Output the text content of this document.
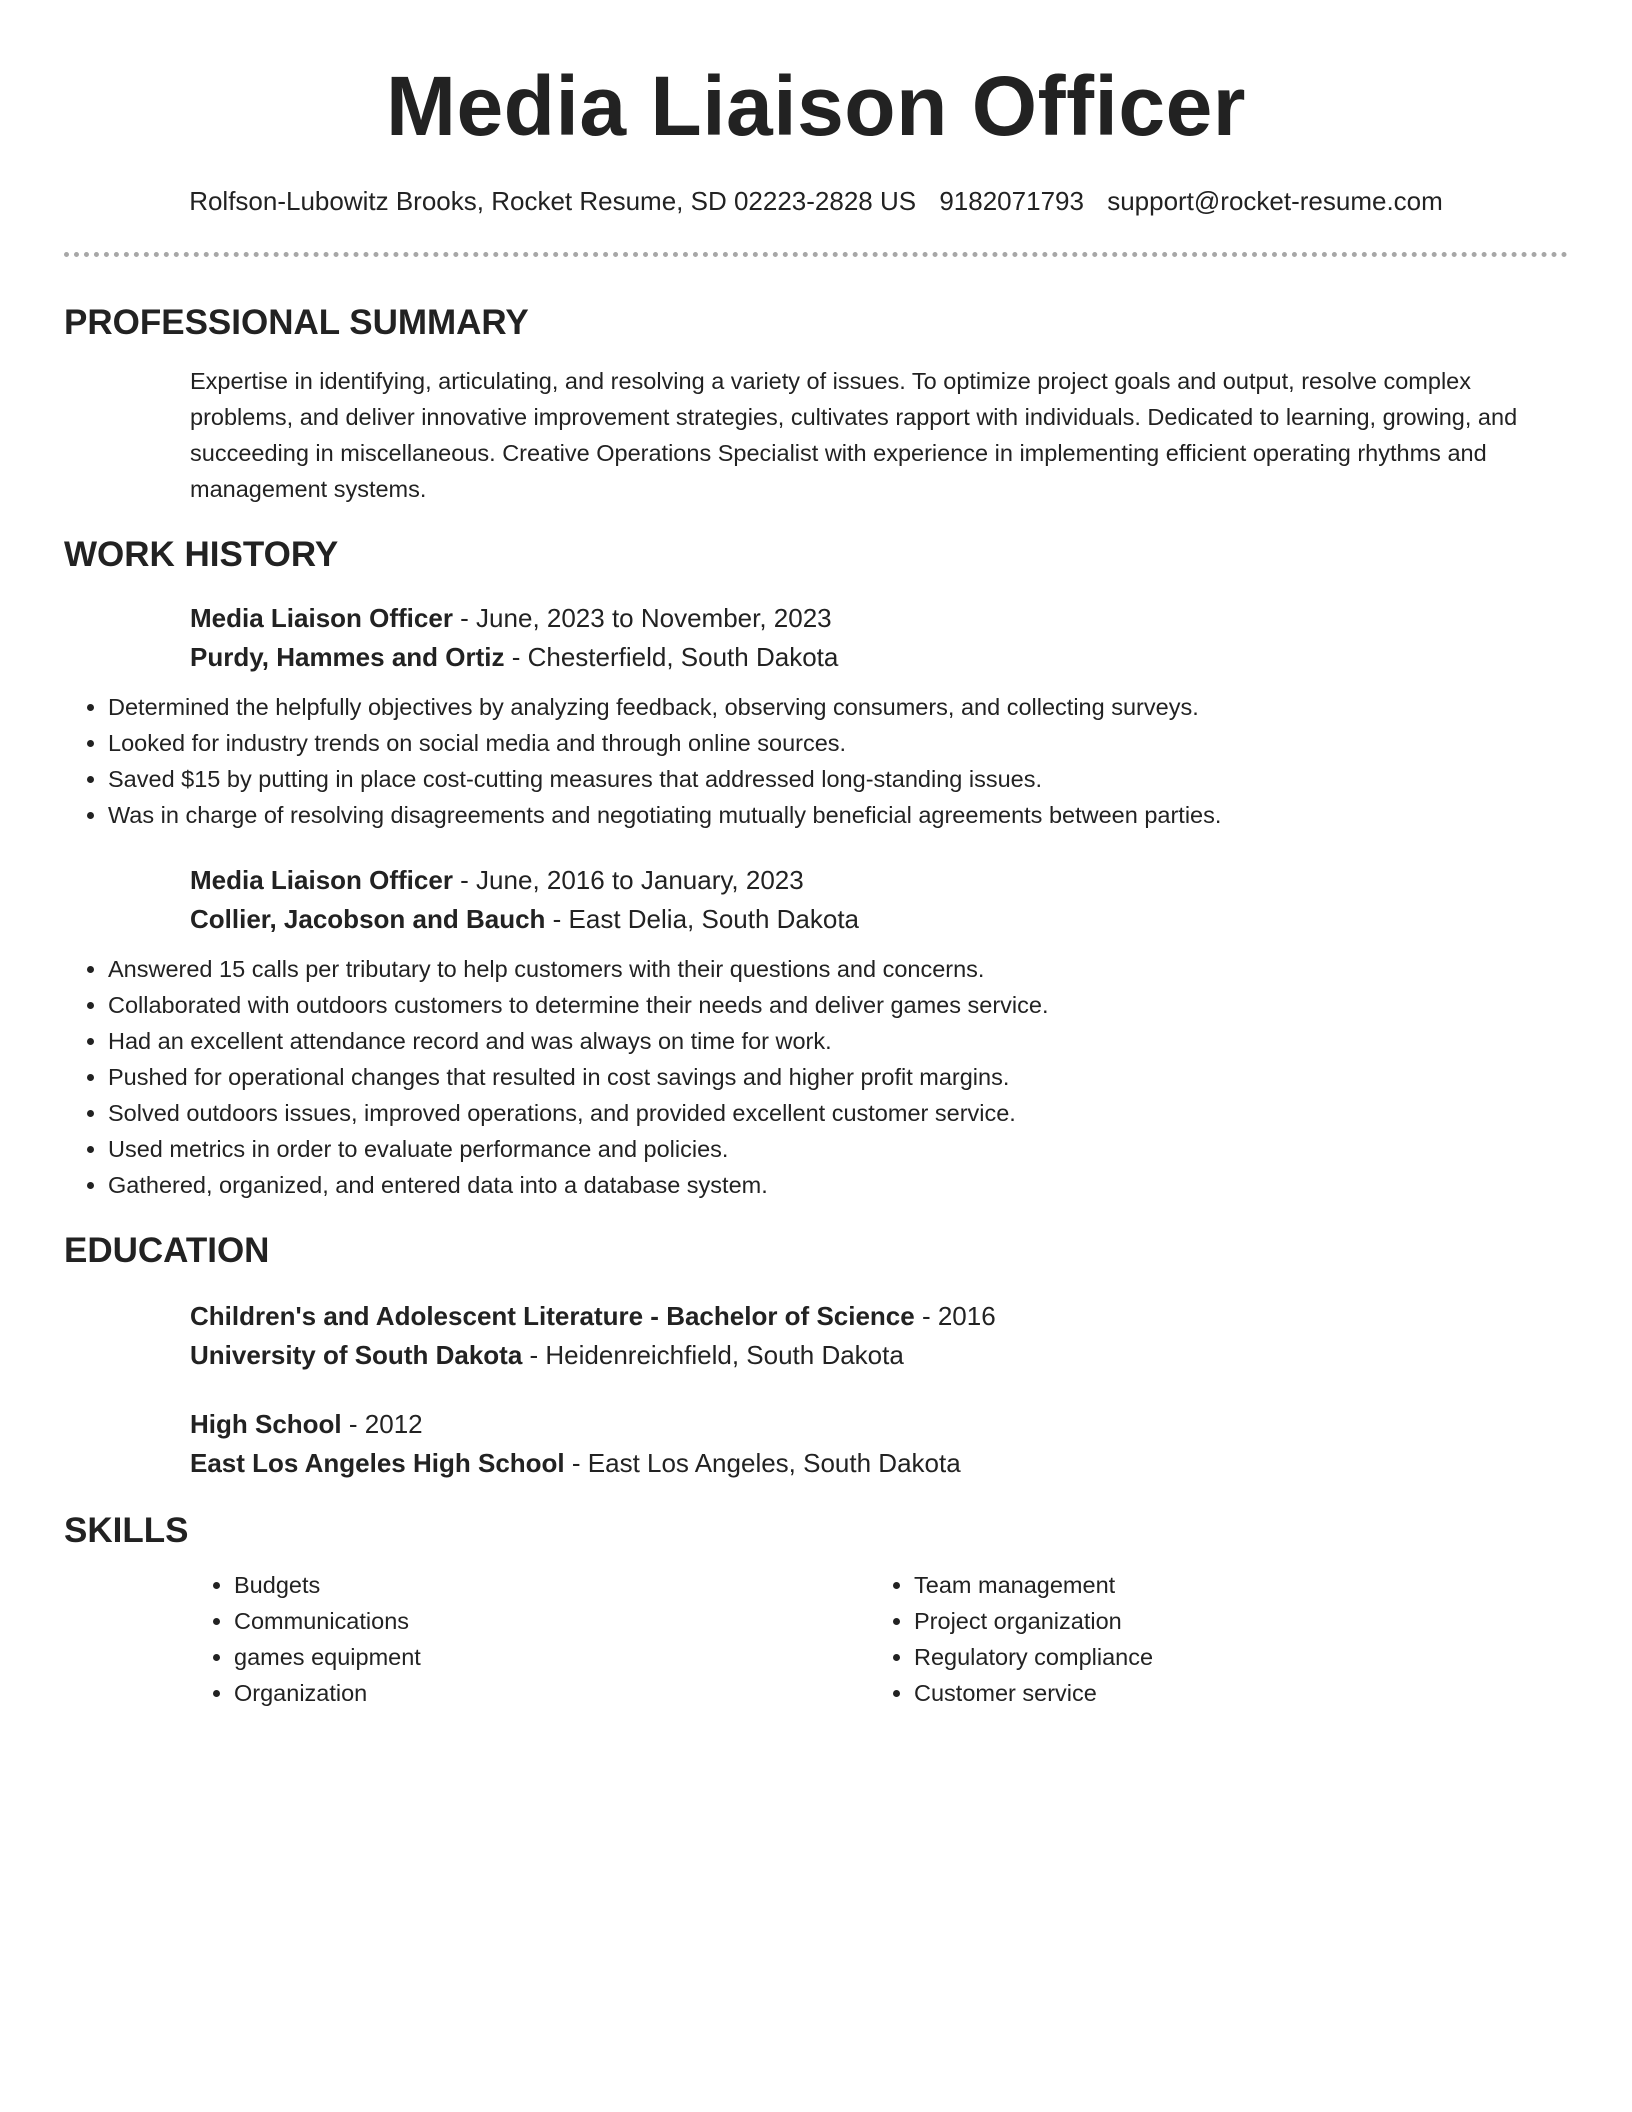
Media Liaison Officer
Rolfson-Lubowitz Brooks, Rocket Resume, SD 02223-2828 US 9182071793 support@rocket-resume.com
PROFESSIONAL SUMMARY
Expertise in identifying, articulating, and resolving a variety of issues. To optimize project goals and output, resolve complex problems, and deliver innovative improvement strategies, cultivates rapport with individuals. Dedicated to learning, growing, and succeeding in miscellaneous. Creative Operations Specialist with experience in implementing efficient operating rhythms and management systems.
WORK HISTORY
Media Liaison Officer - June, 2023 to November, 2023
Purdy, Hammes and Ortiz - Chesterfield, South Dakota
• Determined the helpfully objectives by analyzing feedback, observing consumers, and collecting surveys.
• Looked for industry trends on social media and through online sources.
• Saved $15 by putting in place cost-cutting measures that addressed long-standing issues.
• Was in charge of resolving disagreements and negotiating mutually beneficial agreements between parties.
Media Liaison Officer - June, 2016 to January, 2023
Collier, Jacobson and Bauch - East Delia, South Dakota
• Answered 15 calls per tributary to help customers with their questions and concerns.
• Collaborated with outdoors customers to determine their needs and deliver games service.
• Had an excellent attendance record and was always on time for work.
• Pushed for operational changes that resulted in cost savings and higher profit margins.
• Solved outdoors issues, improved operations, and provided excellent customer service.
• Used metrics in order to evaluate performance and policies.
• Gathered, organized, and entered data into a database system.
EDUCATION
Children's and Adolescent Literature - Bachelor of Science - 2016
University of South Dakota - Heidenreichfield, South Dakota
High School - 2012
East Los Angeles High School - East Los Angeles, South Dakota
SKILLS
• Budgets
• Communications
• games equipment
• Organization
• Team management
• Project organization
• Regulatory compliance
• Customer service
